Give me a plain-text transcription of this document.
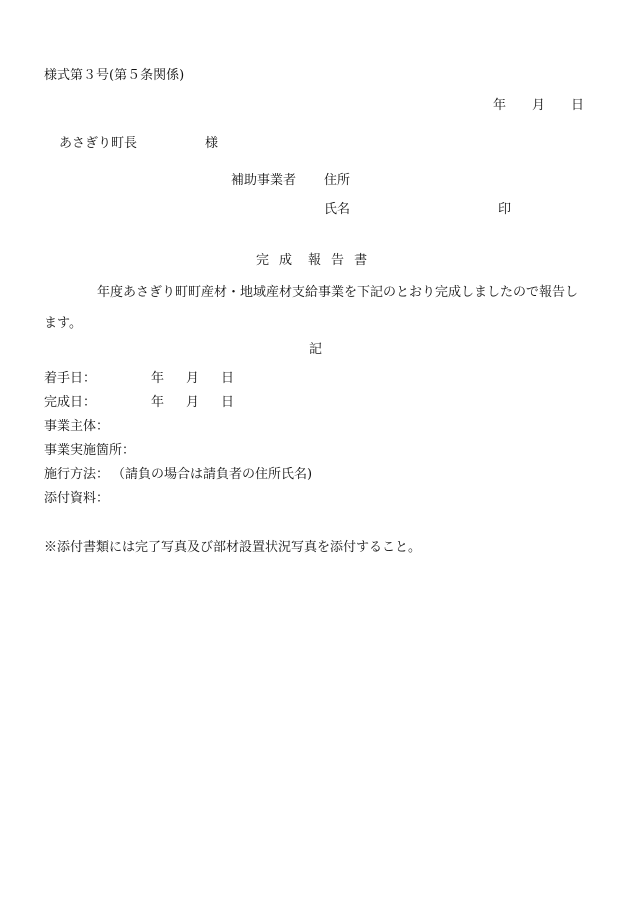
様式第３号(第５条関係)
年 月 日
あさぎり町長	様
補助事業者 住所
氏名	印
完 成 報 告 書
年度あさぎり町町産材・地域産材支給事業を下記のとおり完成しましたので報告します。
記
着手日：	年 月 日
完成日：	年 月 日
事業主体：
事業実施箇所：
施行方法： （請負の場合は請負者の住所氏名)
添付資料：
※添付書類には完了写真及び部材設置状況写真を添付すること。
